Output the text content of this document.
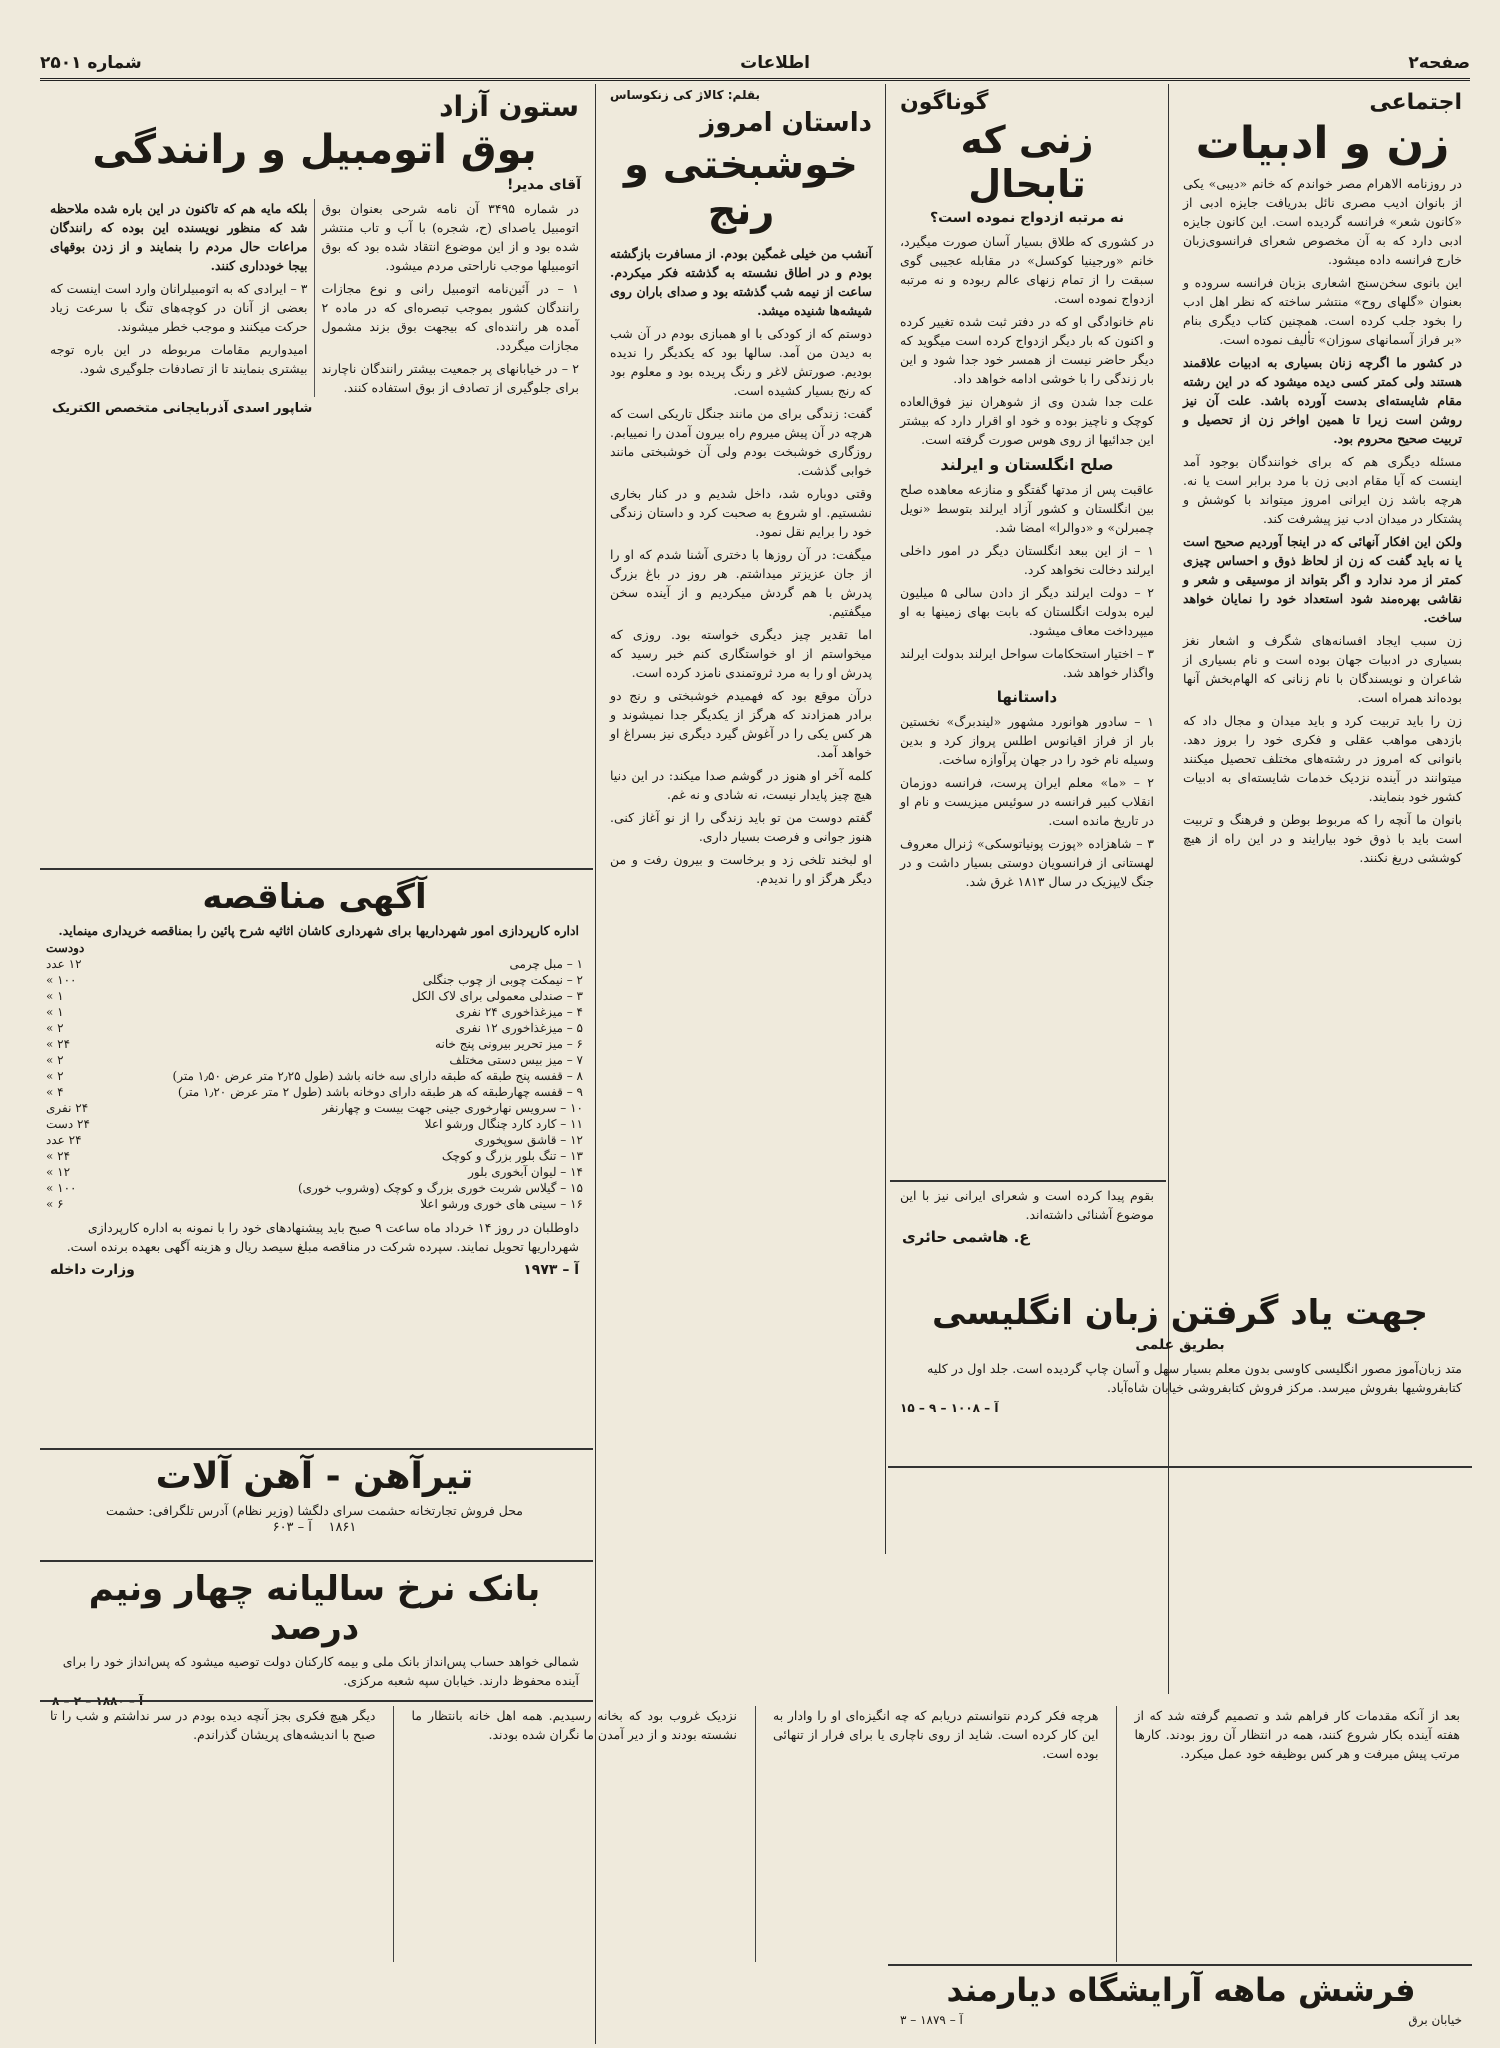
صفحه۲
اطلاعات
شماره ۲۵۰۱
اجتماعی
زن و ادبیات

در روزنامه الاهرام مصر خواندم که خانم «دیبی» یکی از بانوان ادیب مصری نائل بدریافت جایزه ادبی از «کانون شعر» فرانسه گردیده است. این کانون جایزه ادبی دارد که به آن مخصوص شعرای فرانسوی‌زبان خارج فرانسه داده میشود.

این بانوی سخن‌سنج اشعاری بزبان فرانسه سروده و بعنوان «گلهای روح» منتشر ساخته که نظر اهل ادب را بخود جلب کرده است. همچنین کتاب دیگری بنام «بر فراز آسمانهای سوزان» تألیف نموده است.

در کشور ما اگرچه زنان بسیاری به ادبیات علاقمند هستند ولی کمتر کسی دیده میشود که در این رشته مقام شایسته‌ای بدست آورده باشد. علت آن نیز روشن است زیرا تا همین اواخر زن از تحصیل و تربیت صحیح محروم بود.

مسئله دیگری هم که برای خوانندگان بوجود آمد اینست که آیا مقام ادبی زن با مرد برابر است یا نه. هرچه باشد زن ایرانی امروز میتواند با کوشش و پشتکار در میدان ادب نیز پیشرفت کند.

ولکن این افکار آنهائی که در اینجا آوردیم صحیح است یا نه باید گفت که زن از لحاظ ذوق و احساس چیزی کمتر از مرد ندارد و اگر بتواند از موسیقی و شعر و نقاشی بهره‌مند شود استعداد خود را نمایان خواهد ساخت.

زن سبب ایجاد افسانه‌های شگرف و اشعار نغز بسیاری در ادبیات جهان بوده است و نام بسیاری از شاعران و نویسندگان با نام زنانی که الهام‌بخش آنها بوده‌اند همراه است.

زن را باید تربیت کرد و باید میدان و مجال داد که بازدهی مواهب عقلی و فکری خود را بروز دهد. بانوانی که امروز در رشته‌های مختلف تحصیل میکنند میتوانند در آینده نزدیک خدمات شایسته‌ای به ادبیات کشور خود بنمایند.

بانوان ما آنچه را که مربوط بوطن و فرهنگ و تربیت است باید با ذوق خود بیارایند و در این راه از هیچ کوششی دریغ نکنند.

گوناگون
زنی که تابحال
نه مرتبه ازدواج نموده است؟

در کشوری که طلاق بسیار آسان صورت میگیرد، خانم «ورجینیا کوکسل» در مقابله عجیبی گوی سبقت را از تمام زنهای عالم ربوده و نه مرتبه ازدواج نموده است.

نام خانوادگی او که در دفتر ثبت شده تغییر کرده و اکنون که بار دیگر ازدواج کرده است میگوید که دیگر حاضر نیست از همسر خود جدا شود و این بار زندگی را با خوشی ادامه خواهد داد.

علت جدا شدن وی از شوهران نیز فوق‌العاده کوچک و ناچیز بوده و خود او اقرار دارد که بیشتر این جدائیها از روی هوس صورت گرفته است.

صلح انگلستان و ایرلند

عاقبت پس از مدتها گفتگو و منازعه معاهده صلح بین انگلستان و کشور آزاد ایرلند بتوسط «نویل چمبرلن» و «دوالرا» امضا شد.

۱ – از این ببعد انگلستان دیگر در امور داخلی ایرلند دخالت نخواهد کرد.

۲ – دولت ایرلند دیگر از دادن سالی ۵ میلیون لیره بدولت انگلستان که بابت بهای زمینها به او میپرداخت معاف میشود.

۳ – اختیار استحکامات سواحل ایرلند بدولت ایرلند واگذار خواهد شد.

داستانها

۱ – سادور هوانورد مشهور «لیندبرگ» نخستین بار از فراز اقیانوس اطلس پرواز کرد و بدین وسیله نام خود را در جهان پرآوازه ساخت.

۲ – «ما» معلم ایران پرست، فرانسه دوزمان انقلاب کبیر فرانسه در سوئیس میزیست و نام او در تاریخ مانده است.

۳ – شاهزاده «پوزت پونیاتوسکی» ژنرال معروف لهستانی از فرانسویان دوستی بسیار داشت و در جنگ لایپزیک در سال ۱۸۱۳ غرق شد.

بقوم پیدا کرده است و شعرای ایرانی نیز با این موضوع آشنائی داشته‌اند.
ع. هاشمی حائری
بقلم: کالاژ کی زنکوساس
داستان امروز
خوشبختی و رنج

آنشب من خیلی غمگین بودم. از مسافرت بازگشته بودم و در اطاق نشسته به گذشته فکر میکردم. ساعت از نیمه شب گذشته بود و صدای باران روی شیشه‌ها شنیده میشد.

دوستم که از کودکی با او همبازی بودم در آن شب به دیدن من آمد. سالها بود که یکدیگر را ندیده بودیم. صورتش لاغر و رنگ پریده بود و معلوم بود که رنج بسیار کشیده است.

گفت: زندگی برای من مانند جنگل تاریکی است که هرچه در آن پیش میروم راه بیرون آمدن را نمییابم. روزگاری خوشبخت بودم ولی آن خوشبختی مانند خوابی گذشت.

وقتی دوباره شد، داخل شدیم و در کنار بخاری نشستیم. او شروع به صحبت کرد و داستان زندگی خود را برایم نقل نمود.

میگفت: در آن روزها با دختری آشنا شدم که او را از جان عزیزتر میداشتم. هر روز در باغ بزرگ پدرش با هم گردش میکردیم و از آینده سخن میگفتیم.

اما تقدیر چیز دیگری خواسته بود. روزی که میخواستم از او خواستگاری کنم خبر رسید که پدرش او را به مرد ثروتمندی نامزد کرده است.

درآن موقع بود که فهمیدم خوشبختی و رنج دو برادر همزادند که هرگز از یکدیگر جدا نمیشوند و هر کس یکی را در آغوش گیرد دیگری نیز بسراغ او خواهد آمد.

کلمه آخر او هنوز در گوشم صدا میکند: در این دنیا هیچ چیز پایدار نیست، نه شادی و نه غم.

گفتم دوست من تو باید زندگی را از نو آغاز کنی. هنوز جوانی و فرصت بسیار داری.

او لبخند تلخی زد و برخاست و بیرون رفت و من دیگر هرگز او را ندیدم.

ستون آزاد
بوق اتومبیل و رانندگی
آقای مدیر!

در شماره ۳۴۹۵ آن نامه شرحی بعنوان بوق اتومبیل یاصدای (ح، شجره) با آب و تاب منتشر شده بود و از این موضوع انتقاد شده بود که بوق اتومبیلها موجب ناراحتی مردم میشود.

۱ – در آئین‌نامه اتومبیل رانی و نوع مجازات رانندگان کشور بموجب تبصره‌ای که در ماده ۲ آمده هر راننده‌ای که بیجهت بوق بزند مشمول مجازات میگردد.

۲ – در خیابانهای پر جمعیت بیشتر رانندگان ناچارند برای جلوگیری از تصادف از بوق استفاده کنند.

بلکه مایه هم که تاکنون در این باره شده ملاحظه شد که منظور نویسنده این بوده که رانندگان مراعات حال مردم را بنمایند و از زدن بوقهای بیجا خودداری کنند.

۳ – ایرادی که به اتومبیلرانان وارد است اینست که بعضی از آنان در کوچه‌های تنگ با سرعت زیاد حرکت میکنند و موجب خطر میشوند.

امیدواریم مقامات مربوطه در این باره توجه بیشتری بنمایند تا از تصادفات جلوگیری شود.

شاپور اسدی آذربایجانی متخصص الکتریک
آگهی مناقصه
اداره کارپردازی امور شهرداریها برای شهرداری کاشان اثاثیه شرح پائین را بمناقصه خریداری مینماید.
	دودست
۱ – مبل چرمی	۱۲ عدد
۲ – نیمکت چوبی از چوب جنگلی	۱۰۰ »
۳ – صندلی معمولی برای لاک الکل	۱ »
۴ – میزغذاخوری ۲۴ نفری	۱ »
۵ – میزغذاخوری ۱۲ نفری	۲ »
۶ – میز تحریر بیرونی پنج خانه	۲۴ »
۷ – میز بیس دستی مختلف	۲ »
۸ – قفسه پنج طبقه که طبقه دارای سه خانه باشد (طول ۲٫۲۵ متر عرض ۱٫۵۰ متر)	۲ »
۹ – قفسه چهارطبقه که هر طبقه دارای دوخانه باشد (طول ۲ متر عرض ۱٫۲۰ متر)	۴ »
۱۰ – سرویس نهارخوری جینی جهت بیست و چهارنفر	۲۴ نفری
۱۱ – کارد کارد چنگال ورشو اعلا	۲۴ دست
۱۲ – قاشق سوپخوری	۲۴ عدد
۱۳ – تنگ بلور بزرگ و کوچک	۲۴ »
۱۴ – لیوان آبخوری بلور	۱۲ »
۱۵ – گیلاس شربت خوری بزرگ و کوچک (وشروب خوری)	۱۰۰ »
۱۶ – سینی های خوری ورشو اعلا	۶ »
داوطلبان در روز ۱۴ خرداد ماه ساعت ۹ صبح باید پیشنهادهای خود را با نمونه به اداره کارپردازی شهرداریها تحویل نمایند. سپرده شرکت در مناقصه مبلغ سیصد ریال و هزینه آگهی بعهده برنده است.
آ – ۱۹۷۳
وزارت داخله
تیرآهن - آهن آلات
محل فروش تجارتخانه حشمت سرای دلگشا (وزیر نظام) آدرس تلگرافی: حشمت
۱۸۶۱    آ – ۶۰۳
بانک نرخ سالیانه چهار ونیم درصد
شمالی خواهد حساب پس‌انداز بانک ملی و بیمه کارکنان دولت توصیه میشود که پس‌انداز خود را برای آینده محفوظ دارند. خیابان سپه شعبه مرکزی.
جهت یاد گرفتن زبان انگلیسی
بطریق علمی
متد زبان‌آموز مصور انگلیسی کاوسی بدون معلم بسیار سهل و آسان چاپ گردیده است. جلد اول در کلیه کتابفروشیها بفروش میرسد. مرکز فروش کتابفروشی خیابان شاه‌آباد.
آ – ۱۰۰۸ – ۹ – ۱۵

بعد از آنکه مقدمات کار فراهم شد و تصمیم گرفته شد که از هفته آینده بکار شروع کنند، همه در انتظار آن روز بودند. کارها مرتب پیش میرفت و هر کس بوظیفه خود عمل میکرد.

هرچه فکر کردم نتوانستم دریابم که چه انگیزه‌ای او را وادار به این کار کرده است. شاید از روی ناچاری یا برای فرار از تنهائی بوده است.

نزدیک غروب بود که بخانه رسیدیم. همه اهل خانه بانتظار ما نشسته بودند و از دیر آمدن ما نگران شده بودند.

دیگر هیچ فکری بجز آنچه دیده بودم در سر نداشتم و شب را تا صبح با اندیشه‌های پریشان گذراندم.

فرشش ماهه آرایشگاه دیارمند
خیابان برق
آ – ۱۸۷۹ – ۳
